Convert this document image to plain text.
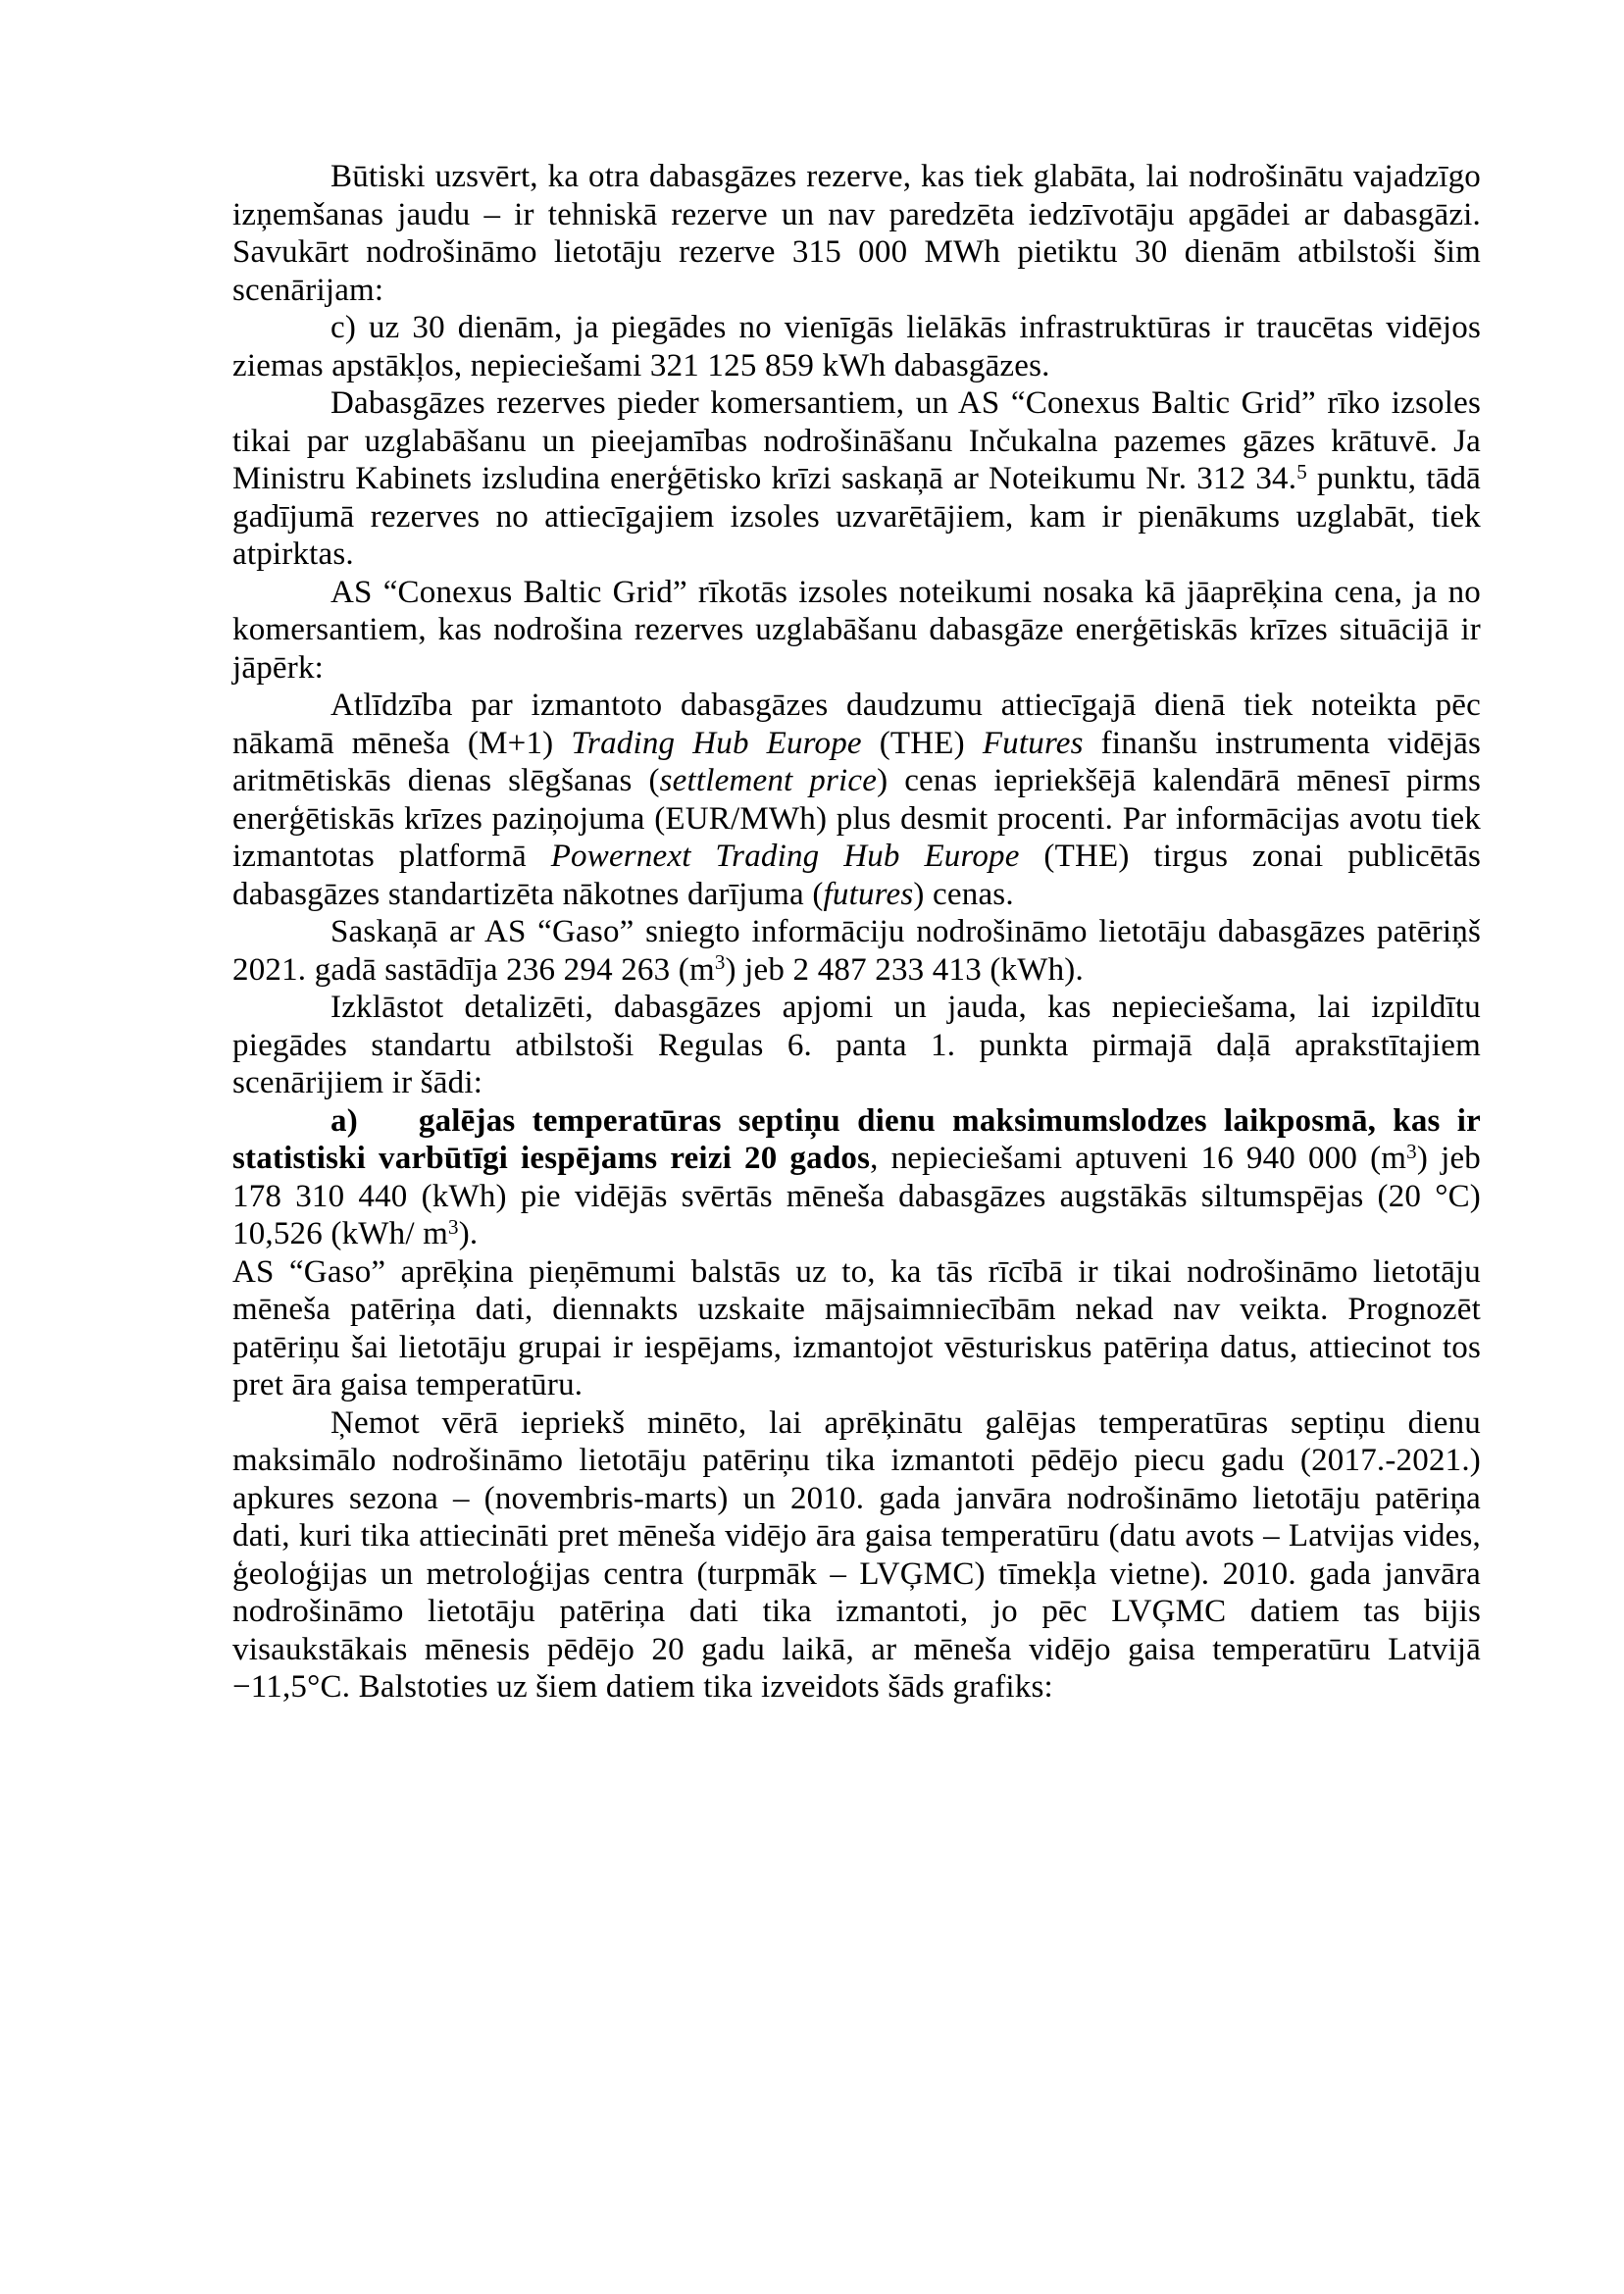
Būtiski uzsvērt, ka otra dabasgāzes rezerve, kas tiek glabāta, lai nodrošinātu vajadzīgo izņemšanas jaudu – ir tehniskā rezerve un nav paredzēta iedzīvotāju apgādei ar dabasgāzi. Savukārt nodrošināmo lietotāju rezerve 315 000 MWh pietiktu 30 dienām atbilstoši šim scenārijam:

c) uz 30 dienām, ja piegādes no vienīgās lielākās infrastruktūras ir traucētas vidējos ziemas apstākļos, nepieciešami 321 125 859 kWh dabasgāzes.

Dabasgāzes rezerves pieder komersantiem, un AS “Conexus Baltic Grid” rīko izsoles tikai par uzglabāšanu un pieejamības nodrošināšanu Inčukalna pazemes gāzes krātuvē. Ja Ministru Kabinets izsludina enerģētisko krīzi saskaņā ar Noteikumu Nr. 312 34.$^5$ punktu, tādā gadījumā rezerves no attiecīgajiem izsoles uzvarētājiem, kam ir pienākums uzglabāt, tiek atpirktas.

AS “Conexus Baltic Grid” rīkotās izsoles noteikumi nosaka kā jāaprēķina cena, ja no komersantiem, kas nodrošina rezerves uzglabāšanu dabasgāze enerģētiskās krīzes situācijā ir jāpērk:

Atlīdzība par izmantoto dabasgāzes daudzumu attiecīgajā dienā tiek noteikta pēc nākamā mēneša (M+1) Trading Hub Europe (THE) Futures finanšu instrumenta vidējās aritmētiskās dienas slēgšanas (settlement price) cenas iepriekšējā kalendārā mēnesī pirms enerģētiskās krīzes paziņojuma (EUR/MWh) plus desmit procenti. Par informācijas avotu tiek izmantotas platformā Powernext Trading Hub Europe (THE) tirgus zonai publicētās dabasgāzes standartizēta nākotnes darījuma (futures) cenas.

Saskaņā ar AS “Gaso” sniegto informāciju nodrošināmo lietotāju dabasgāzes patēriņš 2021. gadā sastādīja 236 294 263 $(m^3)$ jeb 2 487 233 413 (kWh).

Izklāstot detalizēti, dabasgāzes apjomi un jauda, kas nepieciešama, lai izpildītu piegādes standartu atbilstoši Regulas 6. panta 1. punkta pirmajā daļā aprakstītajiem scenārijiem ir šādi:

a) galējas temperatūras septiņu dienu maksimumslodzes laikposmā, kas ir statistiski varbūtīgi iespējams reizi 20 gados, nepieciešami aptuveni 16 940 000 $(m^3)$ jeb 178 310 440 (kWh) pie vidējās svērtās mēneša dabasgāzes augstākās siltumspējas (20 °C) 10,526 (kWh/ $m^3$).

AS “Gaso” aprēķina pieņēmumi balstās uz to, ka tās rīcībā ir tikai nodrošināmo lietotāju mēneša patēriņa dati, diennakts uzskaite mājsaimniecībām nekad nav veikta. Prognozēt patēriņu šai lietotāju grupai ir iespējams, izmantojot vēsturiskus patēriņa datus, attiecinot tos pret āra gaisa temperatūru.

Ņemot vērā iepriekš minēto, lai aprēķinātu galējas temperatūras septiņu dienu maksimālo nodrošināmo lietotāju patēriņu tika izmantoti pēdējo piecu gadu (2017.-2021.) apkures sezona – (novembris-marts) un 2010. gada janvāra nodrošināmo lietotāju patēriņa dati, kuri tika attiecināti pret mēneša vidējo āra gaisa temperatūru (datu avots – Latvijas vides, ģeoloģijas un metroloģijas centra (turpmāk – LVĢMC) tīmekļa vietne). 2010. gada janvāra nodrošināmo lietotāju patēriņa dati tika izmantoti, jo pēc LVĢMC datiem tas bijis visaukstākais mēnesis pēdējo 20 gadu laikā, ar mēneša vidējo gaisa temperatūru Latvijā −11,5°C. Balstoties uz šiem datiem tika izveidots šāds grafiks:
